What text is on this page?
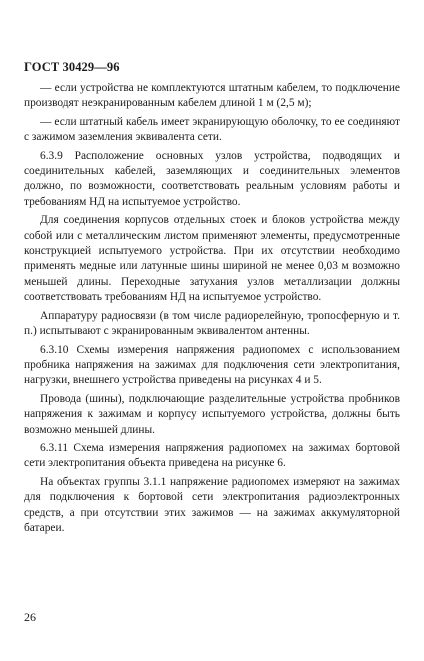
ГОСТ 30429—96

— если устройства не комплектуются штатным кабелем, то подключение производят неэкранированным кабелем длиной 1 м (2,5 м);

— если штатный кабель имеет экранирующую оболочку, то ее соединяют с зажимом заземления эквивалента сети.

6.3.9 Расположение основных узлов устройства, подводящих и соединительных кабелей, заземляющих и соединительных элементов должно, по возможности, соответствовать реальным условиям работы и требованиям НД на испытуемое устройство.

Для соединения корпусов отдельных стоек и блоков устройства между собой или с металлическим листом применяют элементы, предусмотренные конструкцией испытуемого устройства. При их отсутствии необходимо применять медные или латунные шины шириной не менее 0,03 м возможно меньшей длины. Переходные затухания узлов металлизации должны соответствовать требованиям НД на испытуемое устройство.

Аппаратуру радиосвязи (в том числе радиорелейную, тропосферную и т. п.) испытывают с экранированным эквивалентом антенны.

6.3.10 Схемы измерения напряжения радиопомех с использованием пробника напряжения на зажимах для подключения сети электропитания, нагрузки, внешнего устройства приведены на рисунках 4 и 5.

Провода (шины), подключающие разделительные устройства пробников напряжения к зажимам и корпусу испытуемого устройства, должны быть возможно меньшей длины.

6.3.11 Схема измерения напряжения радиопомех на зажимах бортовой сети электропитания объекта приведена на рисунке 6.

На объектах группы 3.1.1 напряжение радиопомех измеряют на зажимах для подключения к бортовой сети электропитания радиоэлектронных средств, а при отсутствии этих зажимов — на зажимах аккумуляторной батареи.

26
